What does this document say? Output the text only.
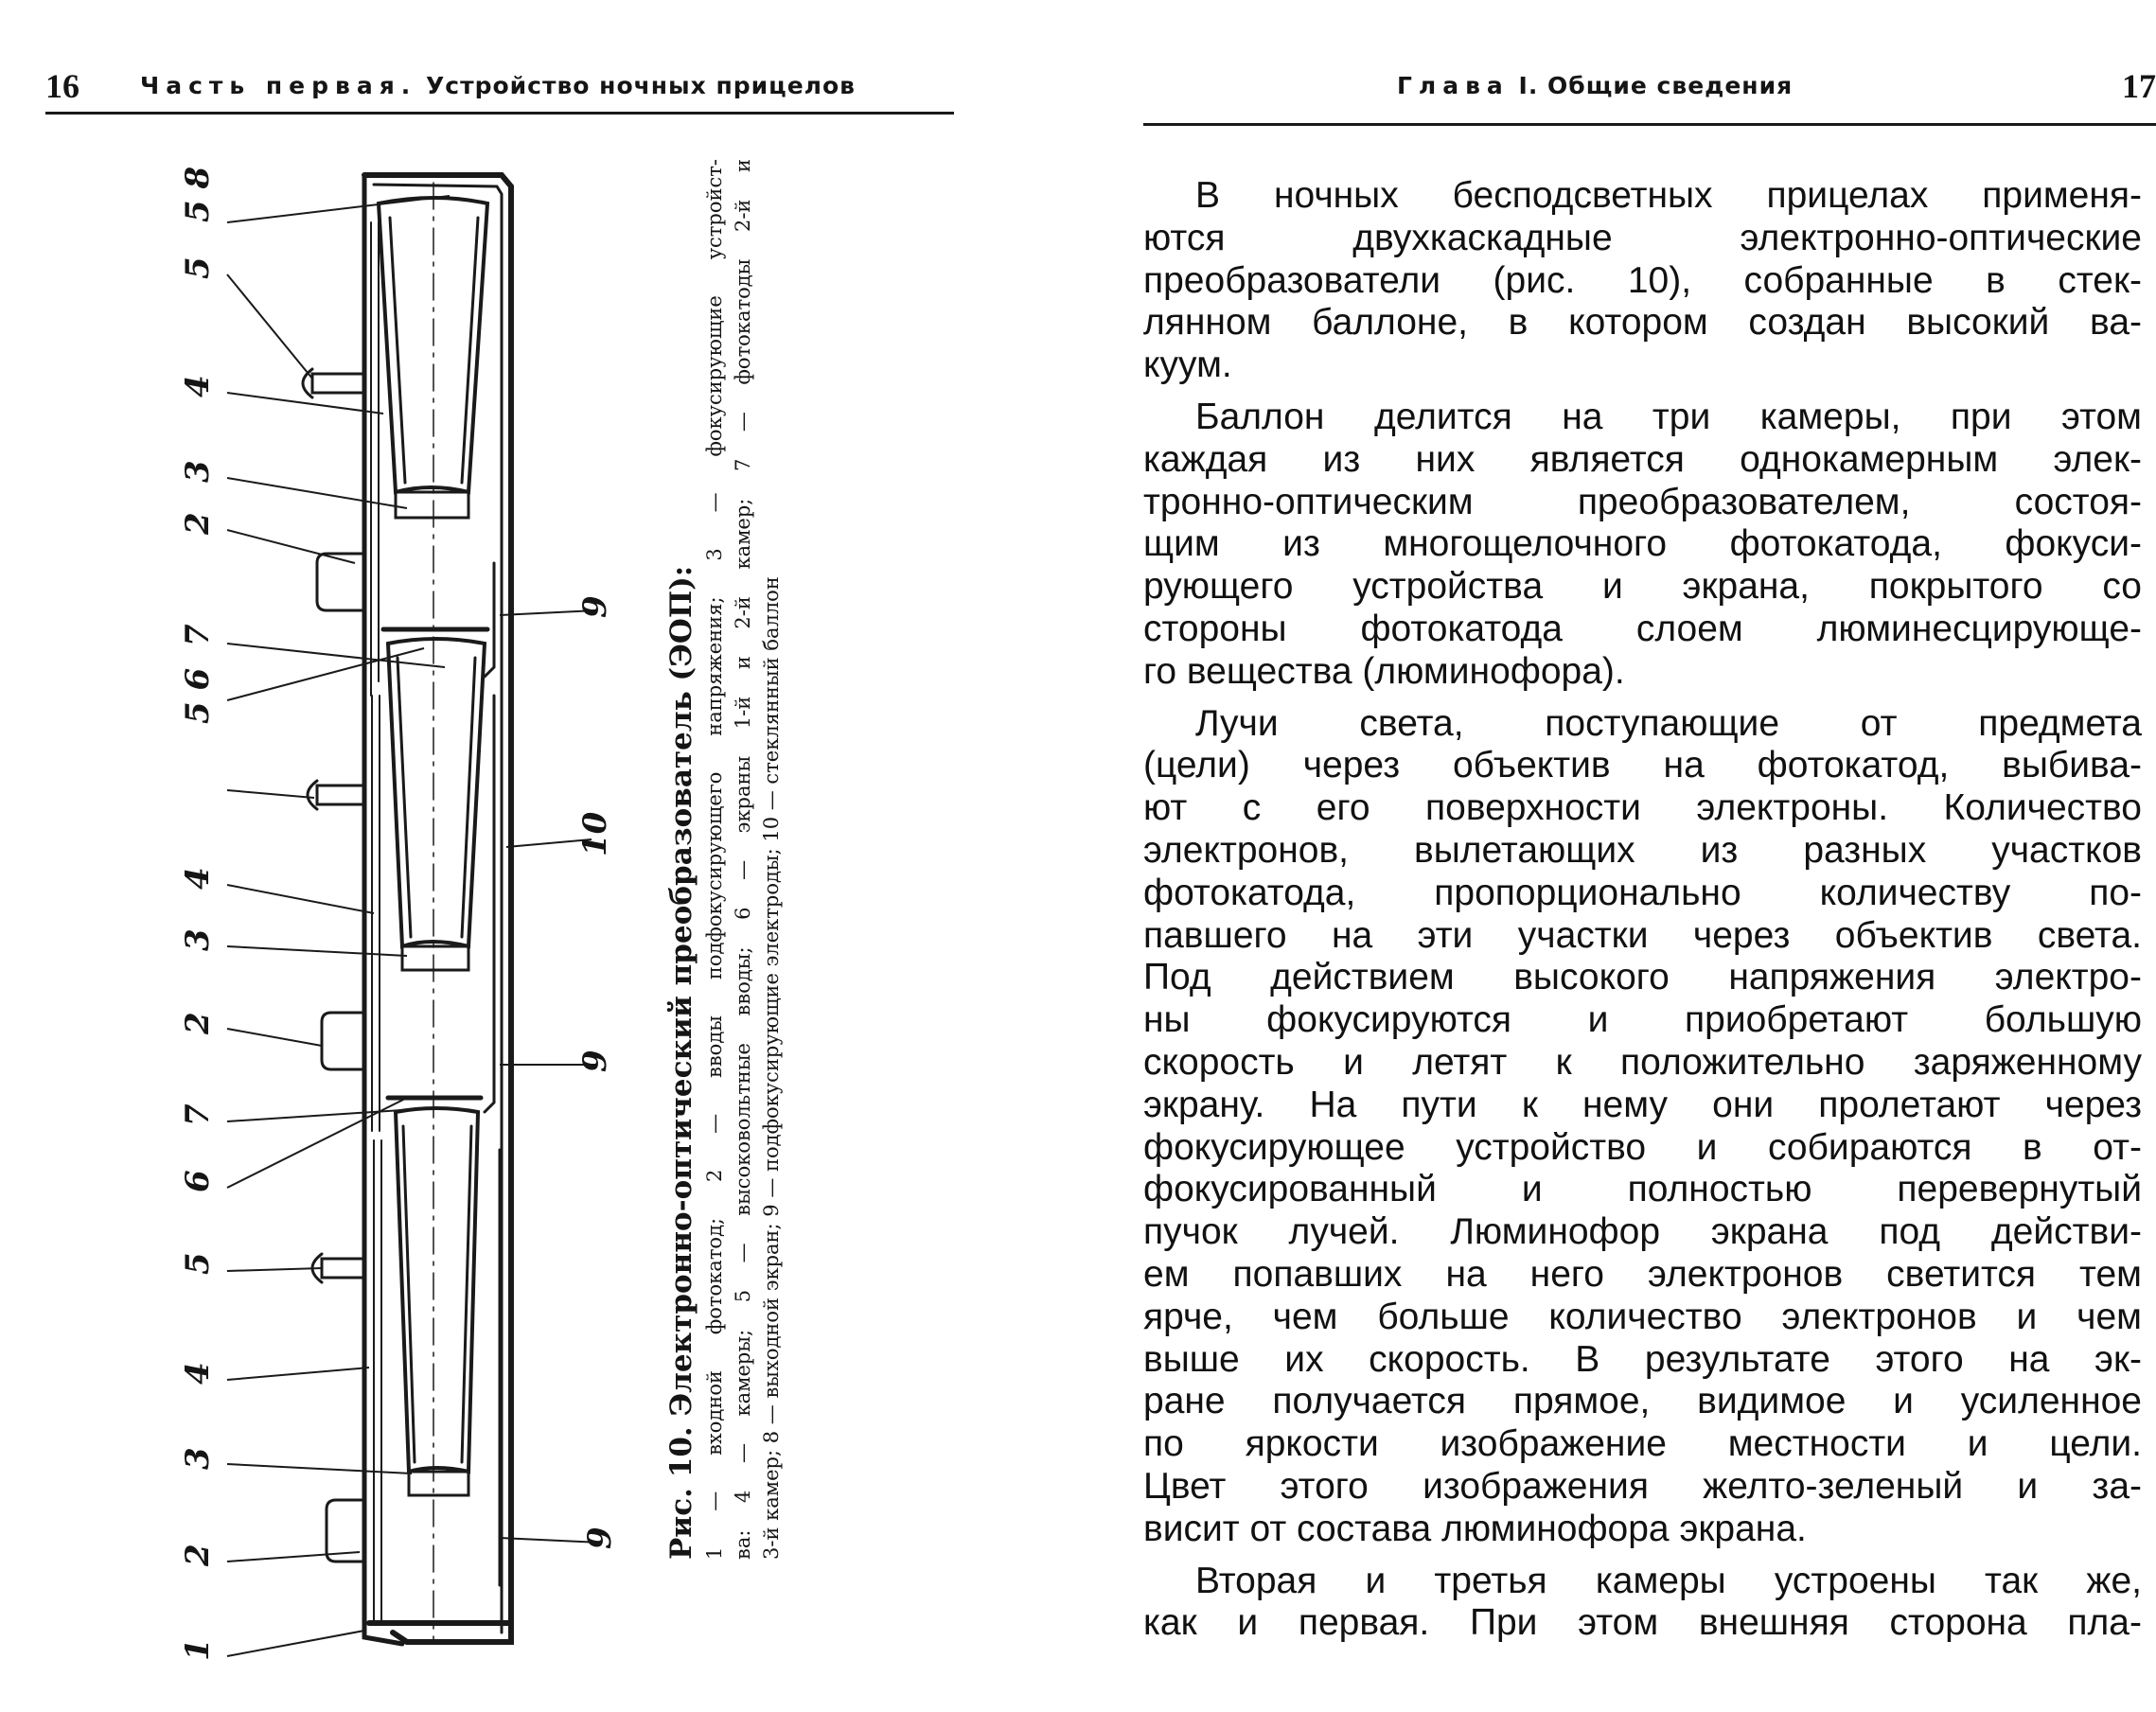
16	Часть первая. Устройство ночных прицелов
5 8
5
4
3
2
7
5 6
4
3
2
7
6
5
4
3
2
1
9
9
10
9 Рис. 10. Электронно-оптический преобразователь (ЭОП): 1 — входной фотокатод; 2 — вводы подфокусирующего напряжения; 3 — фокусирующие устройст- ва: 4 — камеры; 5 — высоковольтные вводы; 6 — экраны 1-й и 2-й камер; 7 — фотокатоды 2-й и 3-й камер; 8 — выходной экран; 9 — подфокусирующие электроды; 10 — стеклянный баллон
Глава I. Общие сведения	17
В ночных бесподсветных прицелах применя-
ются двухкаскадные электронно-оптические
преобразователи (рис. 10), собранные в стек-
лянном баллоне, в котором создан высокий ва-
куум.
Баллон делится на три камеры, при этом
каждая из них является однокамерным элек-
тронно-оптическим преобразователем, состоя-
щим из многощелочного фотокатода, фокуси-
рующего устройства и экрана, покрытого со
стороны фотокатода слоем люминесцирующе-
го вещества (люминофора).
Лучи света, поступающие от предмета
(цели) через объектив на фотокатод, выбива-
ют с его поверхности электроны. Количество
электронов, вылетающих из разных участков
фотокатода, пропорционально количеству по-
павшего на эти участки через объектив света.
Под действием высокого напряжения электро-
ны фокусируются и приобретают большую
скорость и летят к положительно заряженному
экрану. На пути к нему они пролетают через
фокусирующее устройство и собираются в от-
фокусированный и полностью перевернутый
пучок лучей. Люминофор экрана под действи-
ем попавших на него электронов светится тем
ярче, чем больше количество электронов и чем
выше их скорость. В результате этого на эк-
ране получается прямое, видимое и усиленное
по яркости изображение местности и цели.
Цвет этого изображения желто-зеленый и за-
висит от состава люминофора экрана.
Вторая и третья камеры устроены так же,
как и первая. При этом внешняя сторона пла-
